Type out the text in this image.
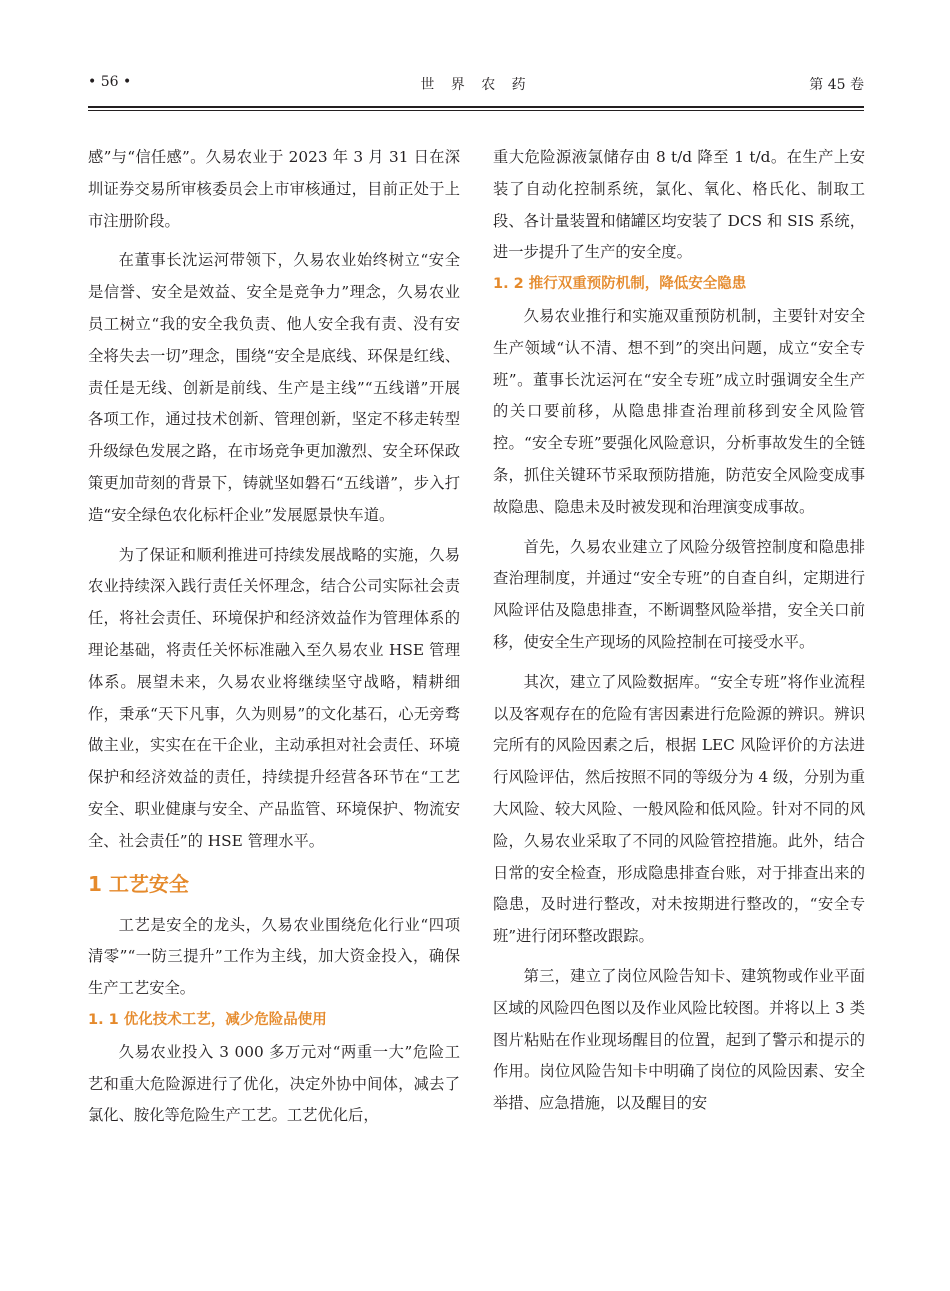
• 56 •	世 界 农 药	第 45 卷

感”与“信任感”。久易农业于 2023 年 3 月 31 日在深圳证券交易所审核委员会上市审核通过，目前正处于上市注册阶段。

在董事长沈运河带领下，久易农业始终树立“安全是信誉、安全是效益、安全是竞争力”理念，久易农业员工树立“我的安全我负责、他人安全我有责、没有安全将失去一切”理念，围绕“安全是底线、环保是红线、责任是无线、创新是前线、生产是主线”“五线谱”开展各项工作，通过技术创新、管理创新，坚定不移走转型升级绿色发展之路，在市场竞争更加激烈、安全环保政策更加苛刻的背景下，铸就坚如磐石“五线谱”，步入打造“安全绿色农化标杆企业”发展愿景快车道。

为了保证和顺利推进可持续发展战略的实施，久易农业持续深入践行责任关怀理念，结合公司实际社会责任，将社会责任、环境保护和经济效益作为管理体系的理论基础，将责任关怀标准融入至久易农业 HSE 管理体系。展望未来，久易农业将继续坚守战略，精耕细作，秉承“天下凡事，久为则易”的文化基石，心无旁骛做主业，实实在在干企业，主动承担对社会责任、环境保护和经济效益的责任，持续提升经营各环节在“工艺安全、职业健康与安全、产品监管、环境保护、物流安全、社会责任”的 HSE 管理水平。

1 工艺安全

工艺是安全的龙头，久易农业围绕危化行业“四项清零”“一防三提升”工作为主线，加大资金投入，确保生产工艺安全。

1. 1 优化技术工艺，减少危险品使用

久易农业投入 3 000 多万元对“两重一大”危险工艺和重大危险源进行了优化，决定外协中间体，减去了氯化、胺化等危险生产工艺。工艺优化后，

重大危险源液氯储存由 8 t/d 降至 1 t/d。在生产上安装了自动化控制系统，氯化、氧化、格氏化、制取工段、各计量装置和储罐区均安装了 DCS 和 SIS 系统，进一步提升了生产的安全度。

1. 2 推行双重预防机制，降低安全隐患

久易农业推行和实施双重预防机制，主要针对安全生产领域“认不清、想不到”的突出问题，成立“安全专班”。董事长沈运河在“安全专班”成立时强调安全生产的关口要前移，从隐患排查治理前移到安全风险管控。“安全专班”要强化风险意识，分析事故发生的全链条，抓住关键环节采取预防措施，防范安全风险变成事故隐患、隐患未及时被发现和治理演变成事故。

首先，久易农业建立了风险分级管控制度和隐患排查治理制度，并通过“安全专班”的自查自纠，定期进行风险评估及隐患排查，不断调整风险举措，安全关口前移，使安全生产现场的风险控制在可接受水平。

其次，建立了风险数据库。“安全专班”将作业流程以及客观存在的危险有害因素进行危险源的辨识。辨识完所有的风险因素之后，根据 LEC 风险评价的方法进行风险评估，然后按照不同的等级分为 4 级，分别为重大风险、较大风险、一般风险和低风险。针对不同的风险，久易农业采取了不同的风险管控措施。此外，结合日常的安全检查，形成隐患排查台账，对于排查出来的隐患，及时进行整改，对未按期进行整改的，“安全专班”进行闭环整改跟踪。

第三，建立了岗位风险告知卡、建筑物或作业平面区域的风险四色图以及作业风险比较图。并将以上 3 类图片粘贴在作业现场醒目的位置，起到了警示和提示的作用。岗位风险告知卡中明确了岗位的风险因素、安全举措、应急措施，以及醒目的安
